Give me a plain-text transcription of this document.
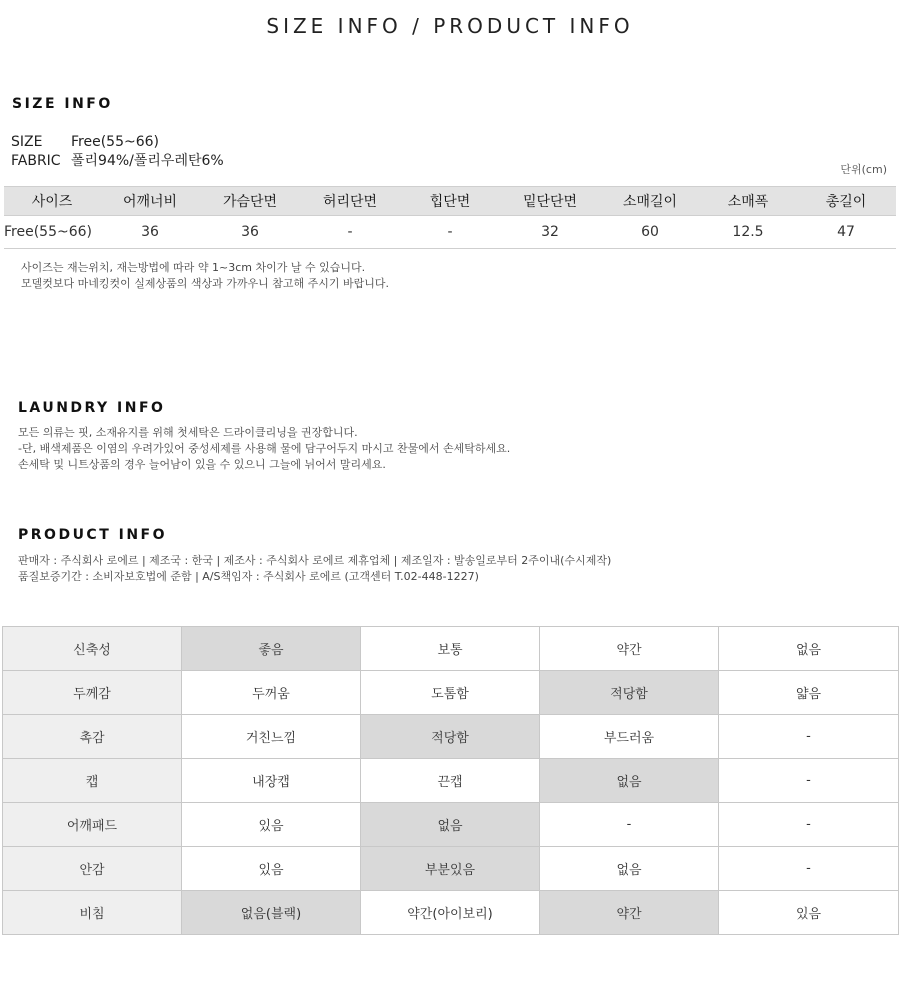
SIZE INFO / PRODUCT INFO
SIZE INFO
SIZE Free(55~66)
FABRIC 폴리94%/폴리우레탄6%
단위(cm)
사이즈	어깨너비	가슴단면	허리단면	힙단면	밑단단면	소매길이	소매폭	총길이
Free(55~66)	36	36	-	-	32	60	12.5	47
사이즈는 재는위치, 재는방법에 따라 약 1~3cm 차이가 날 수 있습니다.
모델컷보다 마네킹컷이 실제상품의 색상과 가까우니 참고해 주시기 바랍니다.
LAUNDRY INFO
모든 의류는 핏, 소재유지를 위해 첫세탁은 드라이클리닝을 권장합니다.
-단, 배색제품은 이염의 우려가있어 중성세제를 사용해 물에 담구어두지 마시고 찬물에서 손세탁하세요.
손세탁 및 니트상품의 경우 늘어남이 있을 수 있으니 그늘에 뉘어서 말리세요.
PRODUCT INFO
판매자 : 주식회사 로에르 | 제조국 : 한국 | 제조사 : 주식회사 로에르 제휴업체 | 제조일자 : 발송일로부터 2주이내(수시제작)
품질보증기간 : 소비자보호법에 준함 | A/S책임자 : 주식회사 로에르 (고객센터 T.02-448-1227)
신축성	좋음	보통	약간	없음
두께감	두꺼움	도톰함	적당함	얇음
촉감	거친느낌	적당함	부드러움	-
캡	내장캡	끈캡	없음	-
어깨패드	있음	없음	-	-
안감	있음	부분있음	없음	-
비침	없음(블랙)	약간(아이보리)	약간	있음
